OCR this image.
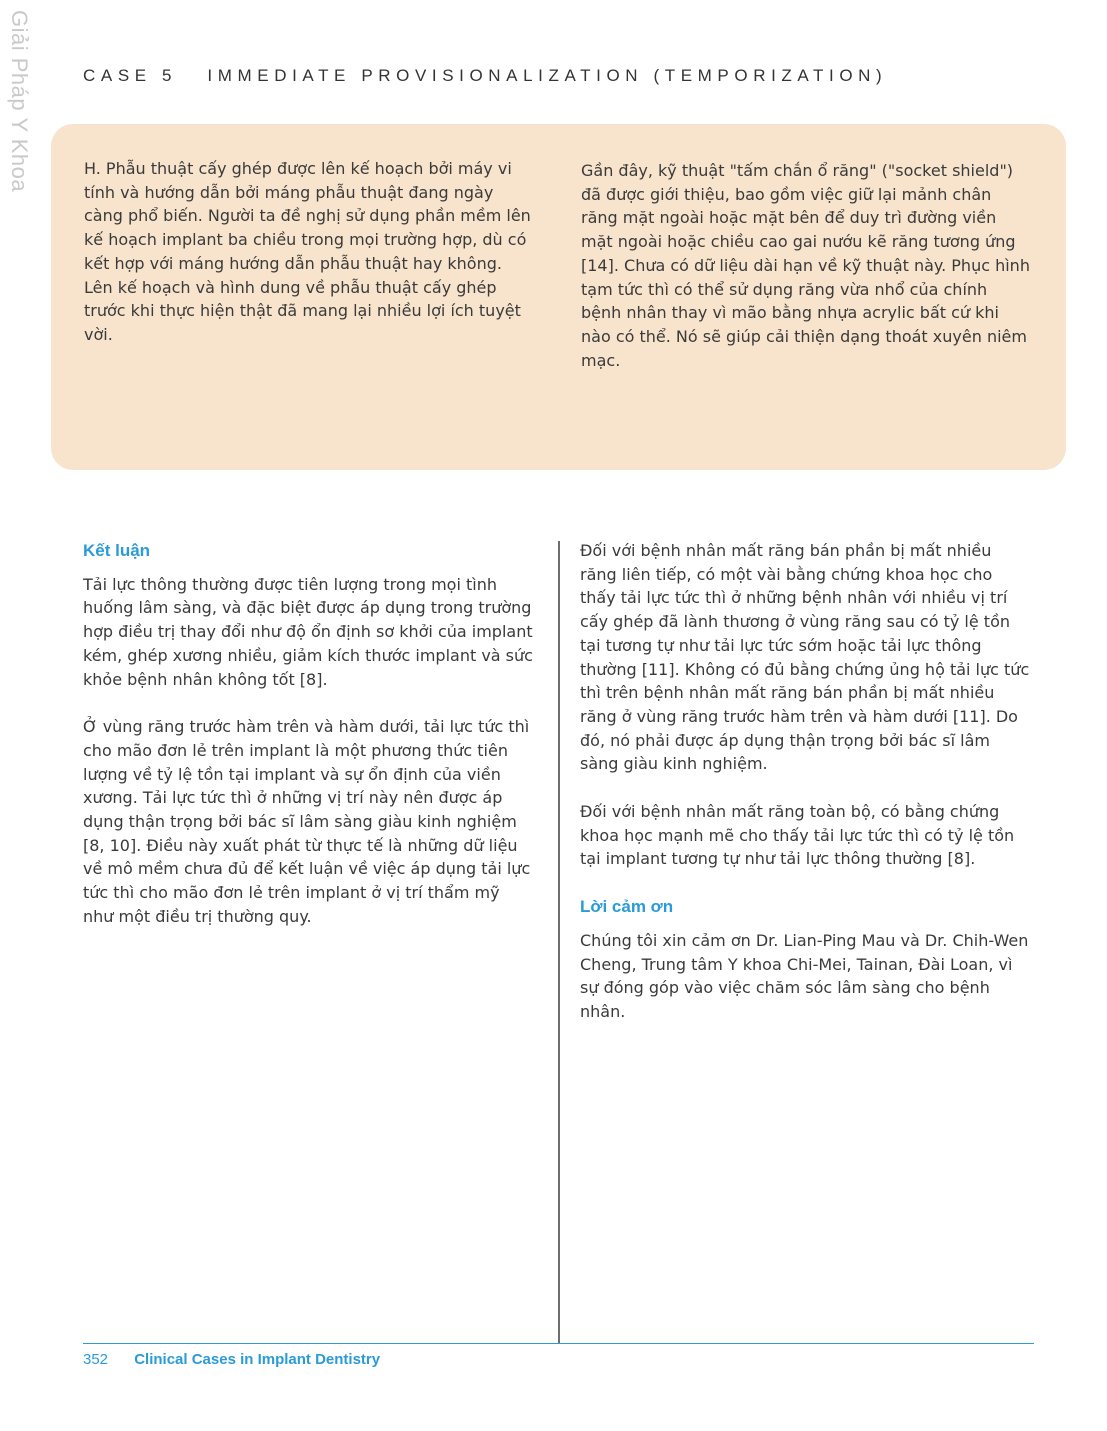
Giải Pháp Y Khoa	CASE 5 IMMEDIATE PROVISIONALIZATION (TEMPORIZATION)

H. Phẫu thuật cấy ghép được lên kế hoạch bởi máy vi tính và hướng dẫn bởi máng phẫu thuật đang ngày càng phổ biến. Người ta đề nghị sử dụng phần mềm lên kế hoạch implant ba chiều trong mọi trường hợp, dù có kết hợp với máng hướng dẫn phẫu thuật hay không. Lên kế hoạch và hình dung về phẫu thuật cấy ghép trước khi thực hiện thật đã mang lại nhiều lợi ích tuyệt vời.

Gần đây, kỹ thuật "tấm chắn ổ răng" ("socket shield") đã được giới thiệu, bao gồm việc giữ lại mảnh chân răng mặt ngoài hoặc mặt bên để duy trì đường viền mặt ngoài hoặc chiều cao gai nướu kẽ răng tương ứng [14]. Chưa có dữ liệu dài hạn về kỹ thuật này. Phục hình tạm tức thì có thể sử dụng răng vừa nhổ của chính bệnh nhân thay vì mão bằng nhựa acrylic bất cứ khi nào có thể. Nó sẽ giúp cải thiện dạng thoát xuyên niêm mạc.

Kết luận

Tải lực thông thường được tiên lượng trong mọi tình huống lâm sàng, và đặc biệt được áp dụng trong trường hợp điều trị thay đổi như độ ổn định sơ khởi của implant kém, ghép xương nhiều, giảm kích thước implant và sức khỏe bệnh nhân không tốt [8].

Ở vùng răng trước hàm trên và hàm dưới, tải lực tức thì cho mão đơn lẻ trên implant là một phương thức tiên lượng về tỷ lệ tồn tại implant và sự ổn định của viền xương. Tải lực tức thì ở những vị trí này nên được áp dụng thận trọng bởi bác sĩ lâm sàng giàu kinh nghiệm [8, 10]. Điều này xuất phát từ thực tế là những dữ liệu về mô mềm chưa đủ để kết luận về việc áp dụng tải lực tức thì cho mão đơn lẻ trên implant ở vị trí thẩm mỹ như một điều trị thường quy.

Đối với bệnh nhân mất răng bán phần bị mất nhiều răng liên tiếp, có một vài bằng chứng khoa học cho thấy tải lực tức thì ở những bệnh nhân với nhiều vị trí cấy ghép đã lành thương ở vùng răng sau có tỷ lệ tồn tại tương tự như tải lực tức sớm hoặc tải lực thông thường [11]. Không có đủ bằng chứng ủng hộ tải lực tức thì trên bệnh nhân mất răng bán phần bị mất nhiều răng ở vùng răng trước hàm trên và hàm dưới [11]. Do đó, nó phải được áp dụng thận trọng bởi bác sĩ lâm sàng giàu kinh nghiệm.

Đối với bệnh nhân mất răng toàn bộ, có bằng chứng khoa học mạnh mẽ cho thấy tải lực tức thì có tỷ lệ tồn tại implant tương tự như tải lực thông thường [8].

Lời cảm ơn

Chúng tôi xin cảm ơn Dr. Lian-Ping Mau và Dr. Chih-Wen Cheng, Trung tâm Y khoa Chi-Mei, Tainan, Đài Loan, vì sự đóng góp vào việc chăm sóc lâm sàng cho bệnh nhân.

352 Clinical Cases in Implant Dentistry
